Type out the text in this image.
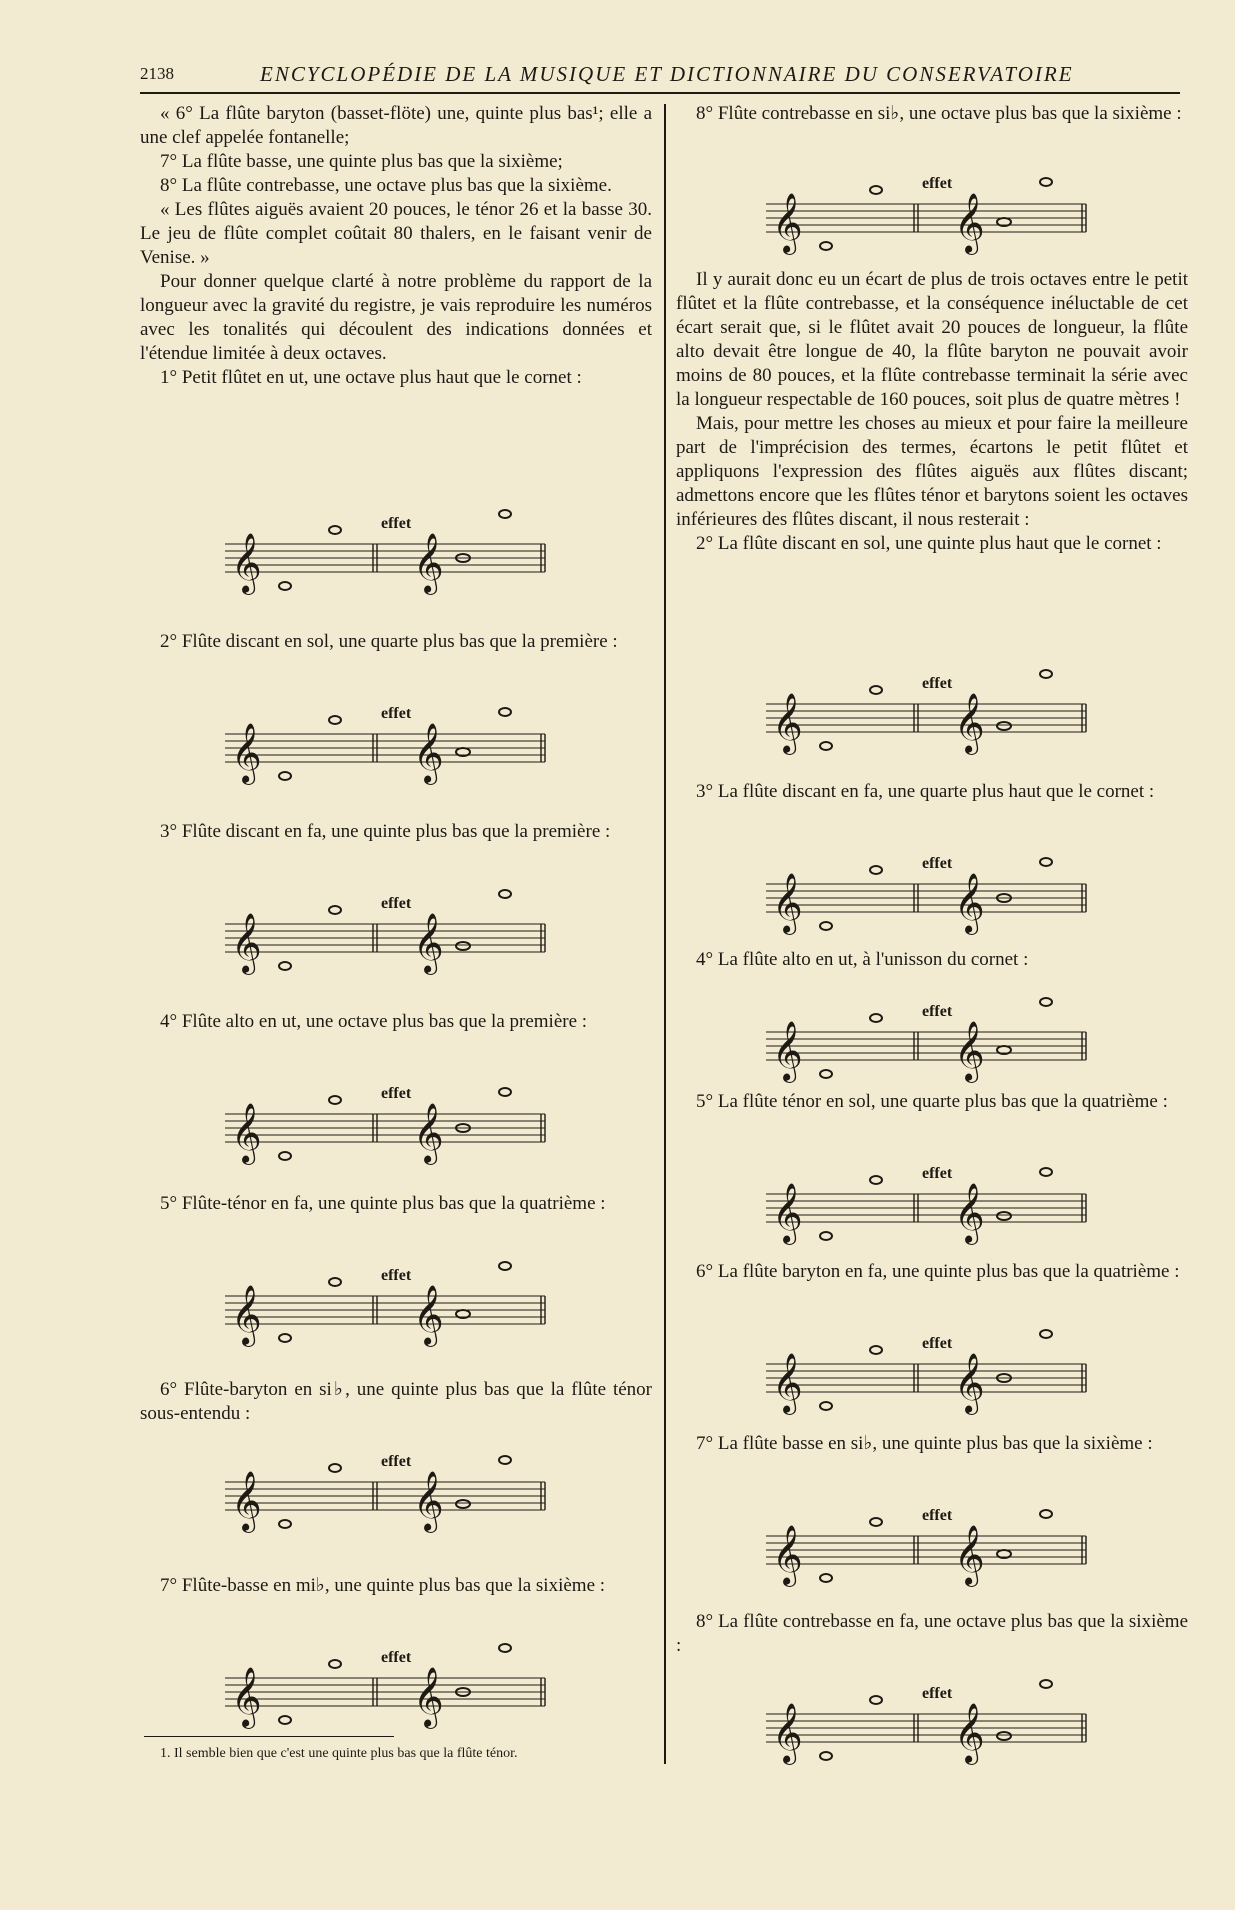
2138	ENCYCLOPÉDIE DE LA MUSIQUE ET DICTIONNAIRE DU CONSERVATOIRE

« 6° La flûte baryton (basset-flöte) une, quinte plus bas¹; elle a une clef appelée fontanelle;

7° La flûte basse, une quinte plus bas que la sixième;

8° La flûte contrebasse, une octave plus bas que la sixième.

« Les flûtes aiguës avaient 20 pouces, le ténor 26 et la basse 30. Le jeu de flûte complet coûtait 80 thalers, en le faisant venir de Venise. »

Pour donner quelque clarté à notre problème du rapport de la longueur avec la gravité du registre, je vais reproduire les numéros avec les tonalités qui découlent des indications données et l'étendue limitée à deux octaves.

1° Petit flûtet en ut, une octave plus haut que le cornet :

𝄞	𝄞
effet

2° Flûte discant en sol, une quarte plus bas que la première :

𝄞	𝄞
effet

3° Flûte discant en fa, une quinte plus bas que la première :

𝄞	𝄞
effet

4° Flûte alto en ut, une octave plus bas que la première :

𝄞	𝄞
effet

5° Flûte-ténor en fa, une quinte plus bas que la quatrième :

𝄞	𝄞
effet

6° Flûte-baryton en si♭, une quinte plus bas que la flûte ténor sous-entendu :

𝄞	𝄞
effet

7° Flûte-basse en mi♭, une quinte plus bas que la sixième :

𝄞	𝄞
effet
1. Il semble bien que c'est une quinte plus bas que la flûte ténor.

8° Flûte contrebasse en si♭, une octave plus bas que la sixième :

𝄞	𝄞
effet

Il y aurait donc eu un écart de plus de trois octaves entre le petit flûtet et la flûte contrebasse, et la conséquence inéluctable de cet écart serait que, si le flûtet avait 20 pouces de longueur, la flûte alto devait être longue de 40, la flûte baryton ne pouvait avoir moins de 80 pouces, et la flûte contrebasse terminait la série avec la longueur respectable de 160 pouces, soit plus de quatre mètres !

Mais, pour mettre les choses au mieux et pour faire la meilleure part de l'imprécision des termes, écartons le petit flûtet et appliquons l'expression des flûtes aiguës aux flûtes discant; admettons encore que les flûtes ténor et barytons soient les octaves inférieures des flûtes discant, il nous resterait :

2° La flûte discant en sol, une quinte plus haut que le cornet :

𝄞	𝄞
effet

3° La flûte discant en fa, une quarte plus haut que le cornet :

𝄞	𝄞
effet

4° La flûte alto en ut, à l'unisson du cornet :

𝄞	𝄞
effet

5° La flûte ténor en sol, une quarte plus bas que la quatrième :

𝄞	𝄞
effet

6° La flûte baryton en fa, une quinte plus bas que la quatrième :

𝄞	𝄞
effet

7° La flûte basse en si♭, une quinte plus bas que la sixième :

𝄞	𝄞
effet

8° La flûte contrebasse en fa, une octave plus bas que la sixième :

𝄞	𝄞
effet
